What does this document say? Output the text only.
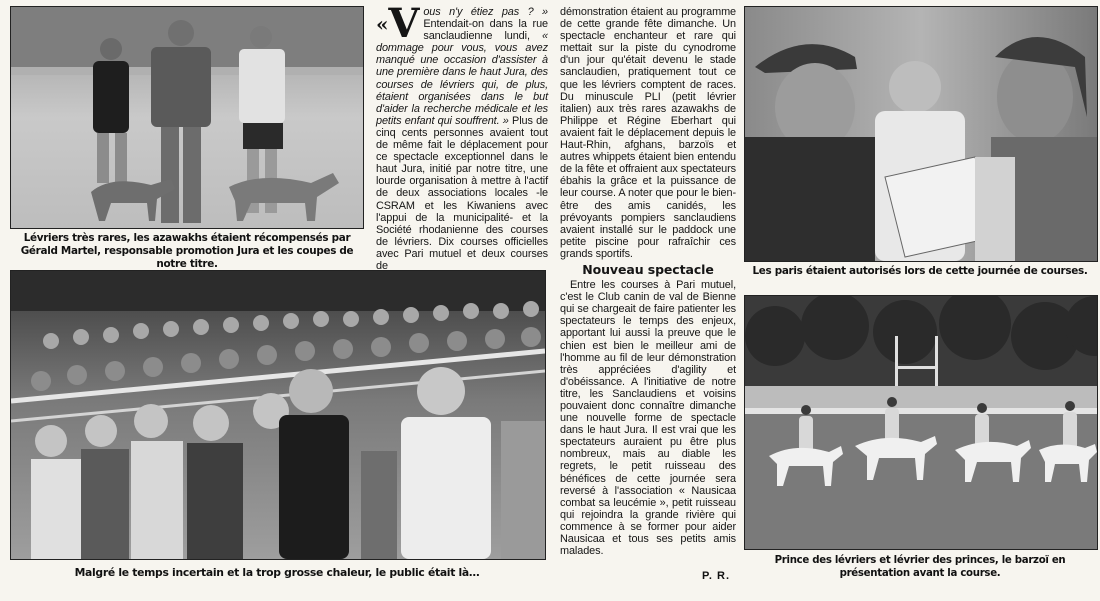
Lévriers très rares, les azawakhs étaient récompensés par Gérald Martel, responsable promotion Jura et les coupes de notre titre.
Malgré le temps incertain et la trop grosse chaleur, le public était là…

«V ous n'y étiez pas ? » Entendait-on dans la rue sanclaudienne lundi, « dommage pour vous, vous avez manqué une occasion d'assister à une première dans le haut Jura, des courses de lévriers qui, de plus, étaient organisées dans le but d'aider la recherche médicale et les petits enfant qui souffrent. » Plus de cinq cents personnes avaient tout de même fait le déplacement pour ce spectacle exceptionnel dans le haut Jura, initié par notre titre, une lourde organisation à mettre à l'actif de deux associations locales -le CSRAM et les Kiwaniens avec l'appui de la municipalité- et la Société rhodanienne des courses de lévriers. Dix courses officielles avec Pari mutuel et deux courses de

démonstration étaient au programme de cette grande fête dimanche. Un spectacle enchanteur et rare qui mettait sur la piste du cynodrome d'un jour qu'était devenu le stade sanclaudien, pratiquement tout ce que les lévriers comptent de races. Du minuscule PLI (petit lévrier italien) aux très rares azawakhs de Philippe et Régine Eberhart qui avaient fait le déplacement depuis le Haut-Rhin, afghans, barzoïs et autres whippets étaient bien entendu de la fête et offraient aux spectateurs ébahis la grâce et la puissance de leur course. A noter que pour le bien-être des amis canidés, les prévoyants pompiers sanclaudiens avaient installé sur le paddock une petite piscine pour rafraîchir ces grands sportifs.

Nouveau spectacle

Entre les courses à Pari mutuel, c'est le Club canin de val de Bienne qui se chargeait de faire patienter les spectateurs le temps des enjeux, apportant lui aussi la preuve que le chien est bien le meilleur ami de l'homme au fil de leur démonstration très appréciées d'agility et d'obéissance. A l'initiative de notre titre, les Sanclaudiens et voisins pouvaient donc connaître dimanche une nouvelle forme de spectacle dans le haut Jura. Il est vrai que les spectateurs auraient pu être plus nombreux, mais au diable les regrets, le petit ruisseau des bénéfices de cette journée sera reversé à l'association « Nausicaa combat sa leucémie », petit ruisseau qui rejoindra la grande rivière qui commence à se former pour aider Nausicaa et tous ses petits amis malades.

P. R.
Les paris étaient autorisés lors de cette journée de courses.
Prince des lévriers et lévrier des princes, le barzoï en présentation avant la course.
